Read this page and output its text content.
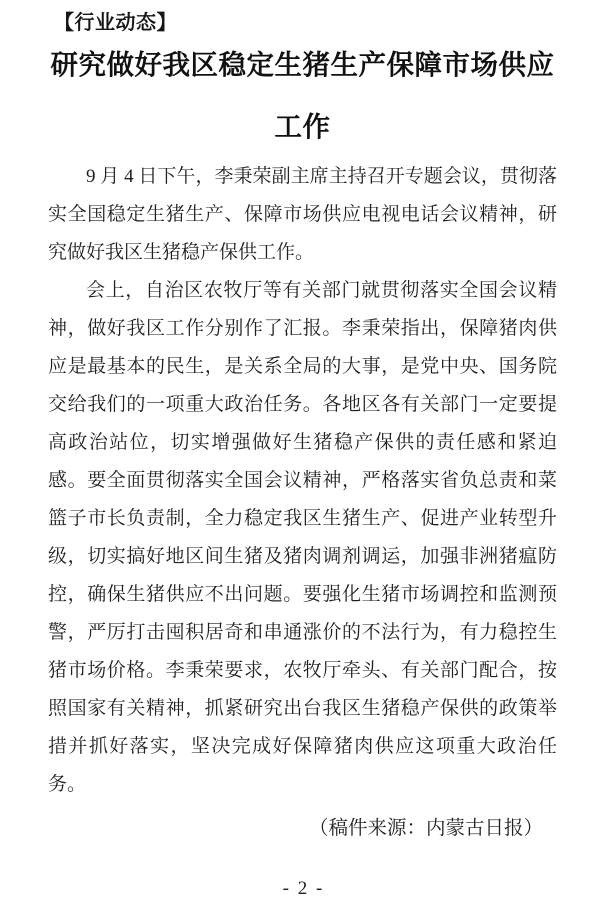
【行业动态】
研究做好我区稳定生猪生产保障市场供应
工作

9 月 4 日下午，李秉荣副主席主持召开专题会议，贯彻落实全国稳定生猪生产、保障市场供应电视电话会议精神，研究做好我区生猪稳产保供工作。

会上，自治区农牧厅等有关部门就贯彻落实全国会议精神，做好我区工作分别作了汇报。李秉荣指出，保障猪肉供应是最基本的民生，是关系全局的大事，是党中央、国务院交给我们的一项重大政治任务。各地区各有关部门一定要提高政治站位，切实增强做好生猪稳产保供的责任感和紧迫感。要全面贯彻落实全国会议精神，严格落实省负总责和菜篮子市长负责制，全力稳定我区生猪生产、促进产业转型升级，切实搞好地区间生猪及猪肉调剂调运，加强非洲猪瘟防控，确保生猪供应不出问题。要强化生猪市场调控和监测预警，严厉打击囤积居奇和串通涨价的不法行为，有力稳控生猪市场价格。李秉荣要求，农牧厅牵头、有关部门配合，按照国家有关精神，抓紧研究出台我区生猪稳产保供的政策举措并抓好落实，坚决完成好保障猪肉供应这项重大政治任务。

（稿件来源：内蒙古日报）
- 2 -
